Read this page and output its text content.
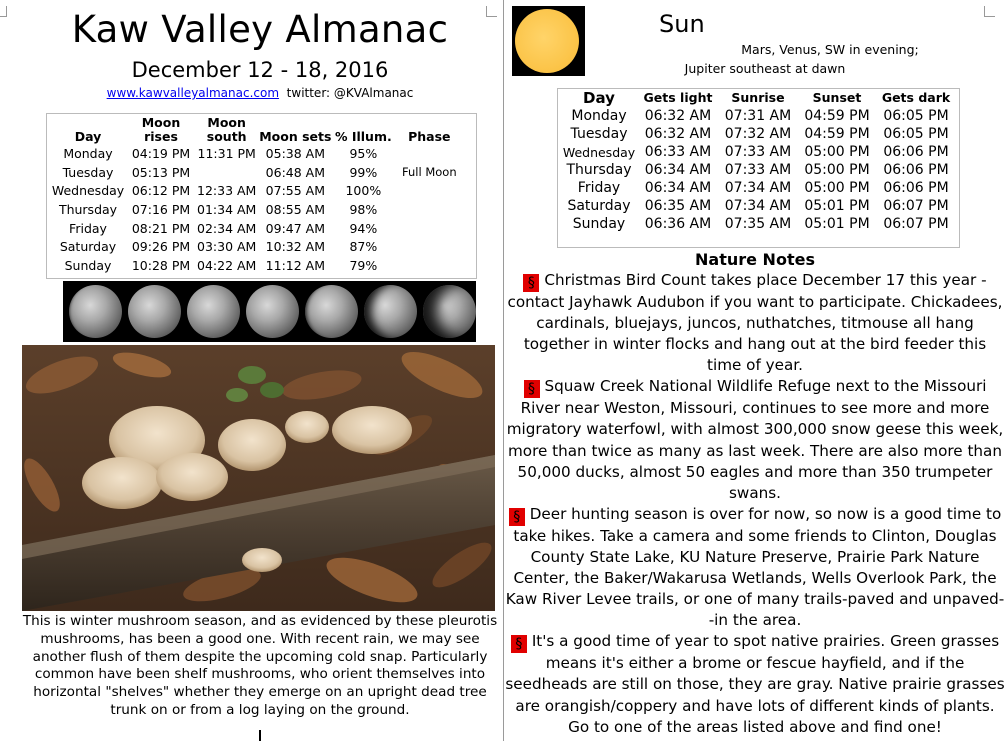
Kaw Valley Almanac
December 12 - 18, 2016
www.kawvalleyalmanac.com twitter: @KVAlmanac
Day	Moon rises	Moon south	Moon sets	% Illum.	Phase
Monday	04:19 PM	11:31 PM	05:38 AM	95%	
Tuesday	05:13 PM		06:48 AM	99%	Full Moon
Wednesday	06:12 PM	12:33 AM	07:55 AM	100%	
Thursday	07:16 PM	01:34 AM	08:55 AM	98%	
Friday	08:21 PM	02:34 AM	09:47 AM	94%	
Saturday	09:26 PM	03:30 AM	10:32 AM	87%	
Sunday	10:28 PM	04:22 AM	11:12 AM	79%	
This is winter mushroom season, and as evidenced by these pleurotis mushrooms, has been a good one. With recent rain, we may see another flush of them despite the upcoming cold snap. Particularly common have been shelf mushrooms, who orient themselves into horizontal "shelves" whether they emerge on an upright dead tree trunk on or from a log laying on the ground.
Sun
Mars, Venus, SW in evening;
Jupiter southeast at dawn
Day	Gets light	Sunrise	Sunset	Gets dark
Monday	06:32 AM	07:31 AM	04:59 PM	06:05 PM
Tuesday	06:32 AM	07:32 AM	04:59 PM	06:05 PM
Wednesday	06:33 AM	07:33 AM	05:00 PM	06:06 PM
Thursday	06:34 AM	07:33 AM	05:00 PM	06:06 PM
Friday	06:34 AM	07:34 AM	05:00 PM	06:06 PM
Saturday	06:35 AM	07:34 AM	05:01 PM	06:07 PM
Sunday	06:36 AM	07:35 AM	05:01 PM	06:07 PM
Nature Notes

§ Christmas Bird Count takes place December 17 this year -contact Jayhawk Audubon if you want to participate. Chickadees, cardinals, bluejays, juncos, nuthatches, titmouse all hang together in winter flocks and hang out at the bird feeder this time of year.

§ Squaw Creek National Wildlife Refuge next to the Missouri River near Weston, Missouri, continues to see more and more migratory waterfowl, with almost 300,000 snow geese this week, more than twice as many as last week. There are also more than 50,000 ducks, almost 50 eagles and more than 350 trumpeter swans.

§ Deer hunting season is over for now, so now is a good time to take hikes. Take a camera and some friends to Clinton, Douglas County State Lake, KU Nature Preserve, Prairie Park Nature Center, the Baker/Wakarusa Wetlands, Wells Overlook Park, the Kaw River Levee trails, or one of many trails-paved and unpaved--in the area.

§ It's a good time of year to spot native prairies. Green grasses means it's either a brome or fescue hayfield, and if the seedheads are still on those, they are gray. Native prairie grasses are orangish/coppery and have lots of different kinds of plants. Go to one of the areas listed above and find one!
